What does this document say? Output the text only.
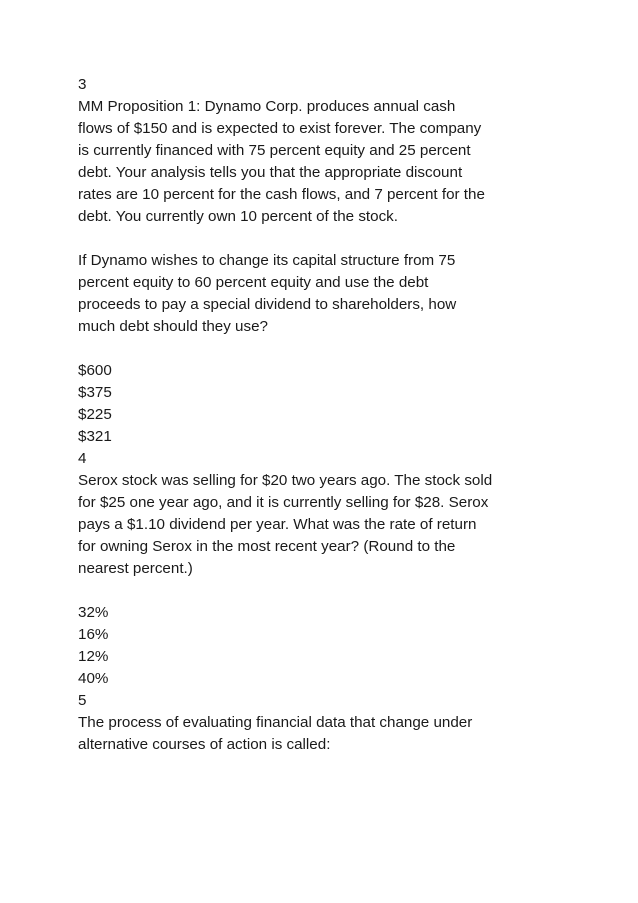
3
MM Proposition 1: Dynamo Corp. produces annual cash
flows of $150 and is expected to exist forever. The company
is currently financed with 75 percent equity and 25 percent
debt. Your analysis tells you that the appropriate discount
rates are 10 percent for the cash flows, and 7 percent for the
debt. You currently own 10 percent of the stock.
If Dynamo wishes to change its capital structure from 75
percent equity to 60 percent equity and use the debt
proceeds to pay a special dividend to shareholders, how
much debt should they use?
$600
$375
$225
$321
4
Serox stock was selling for $20 two years ago. The stock sold
for $25 one year ago, and it is currently selling for $28. Serox
pays a $1.10 dividend per year. What was the rate of return
for owning Serox in the most recent year? (Round to the
nearest percent.)
32%
16%
12%
40%
5
The process of evaluating financial data that change under
alternative courses of action is called:
